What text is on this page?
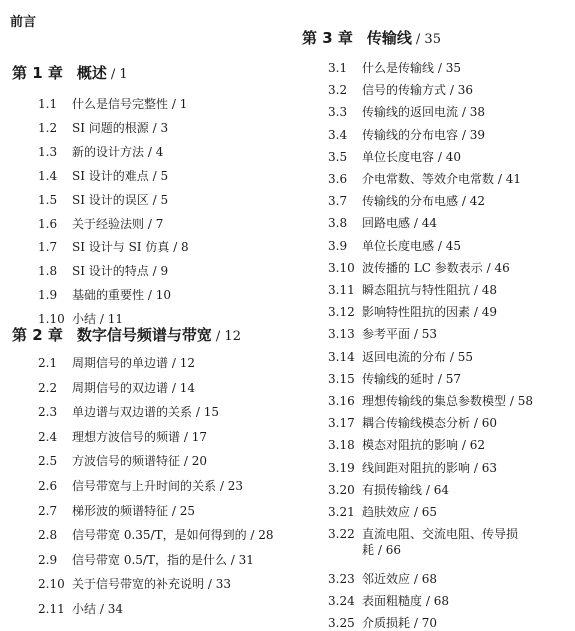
前言
第 1 章 概述 / 1
1.1 什么是信号完整性 / 1
1.2 SI 问题的根源 / 3
1.3 新的设计方法 / 4
1.4 SI 设计的难点 / 5
1.5 SI 设计的误区 / 5
1.6 关于经验法则 / 7
1.7 SI 设计与 SI 仿真 / 8
1.8 SI 设计的特点 / 9
1.9 基础的重要性 / 10
1.10 小结 / 11
第 2 章 数字信号频谱与带宽 / 12
2.1 周期信号的单边谱 / 12
2.2 周期信号的双边谱 / 14
2.3 单边谱与双边谱的关系 / 15
2.4 理想方波信号的频谱 / 17
2.5 方波信号的频谱特征 / 20
2.6 信号带宽与上升时间的关系 / 23
2.7 梯形波的频谱特征 / 25
2.8 信号带宽 0.35/T，是如何得到的 / 28
2.9 信号带宽 0.5/T，指的是什么 / 31
2.10 关于信号带宽的补充说明 / 33
2.11 小结 / 34
第 3 章 传输线 / 35
3.1 什么是传输线 / 35
3.2 信号的传输方式 / 36
3.3 传输线的返回电流 / 38
3.4 传输线的分布电容 / 39
3.5 单位长度电容 / 40
3.6 介电常数、等效介电常数 / 41
3.7 传输线的分布电感 / 42
3.8 回路电感 / 44
3.9 单位长度电感 / 45
3.10 波传播的 LC 参数表示 / 46
3.11 瞬态阻抗与特性阻抗 / 48
3.12 影响特性阻抗的因素 / 49
3.13 参考平面 / 53
3.14 返回电流的分布 / 55
3.15 传输线的延时 / 57
3.16 理想传输线的集总参数模型 / 58
3.17 耦合传输线模态分析 / 60
3.18 模态对阻抗的影响 / 62
3.19 线间距对阻抗的影响 / 63
3.20 有损传输线 / 64
3.21 趋肤效应 / 65
3.22 直流电阻、交流电阻、传导损
耗 / 66
3.23 邻近效应 / 68
3.24 表面粗糙度 / 68
3.25 介质损耗 / 70
